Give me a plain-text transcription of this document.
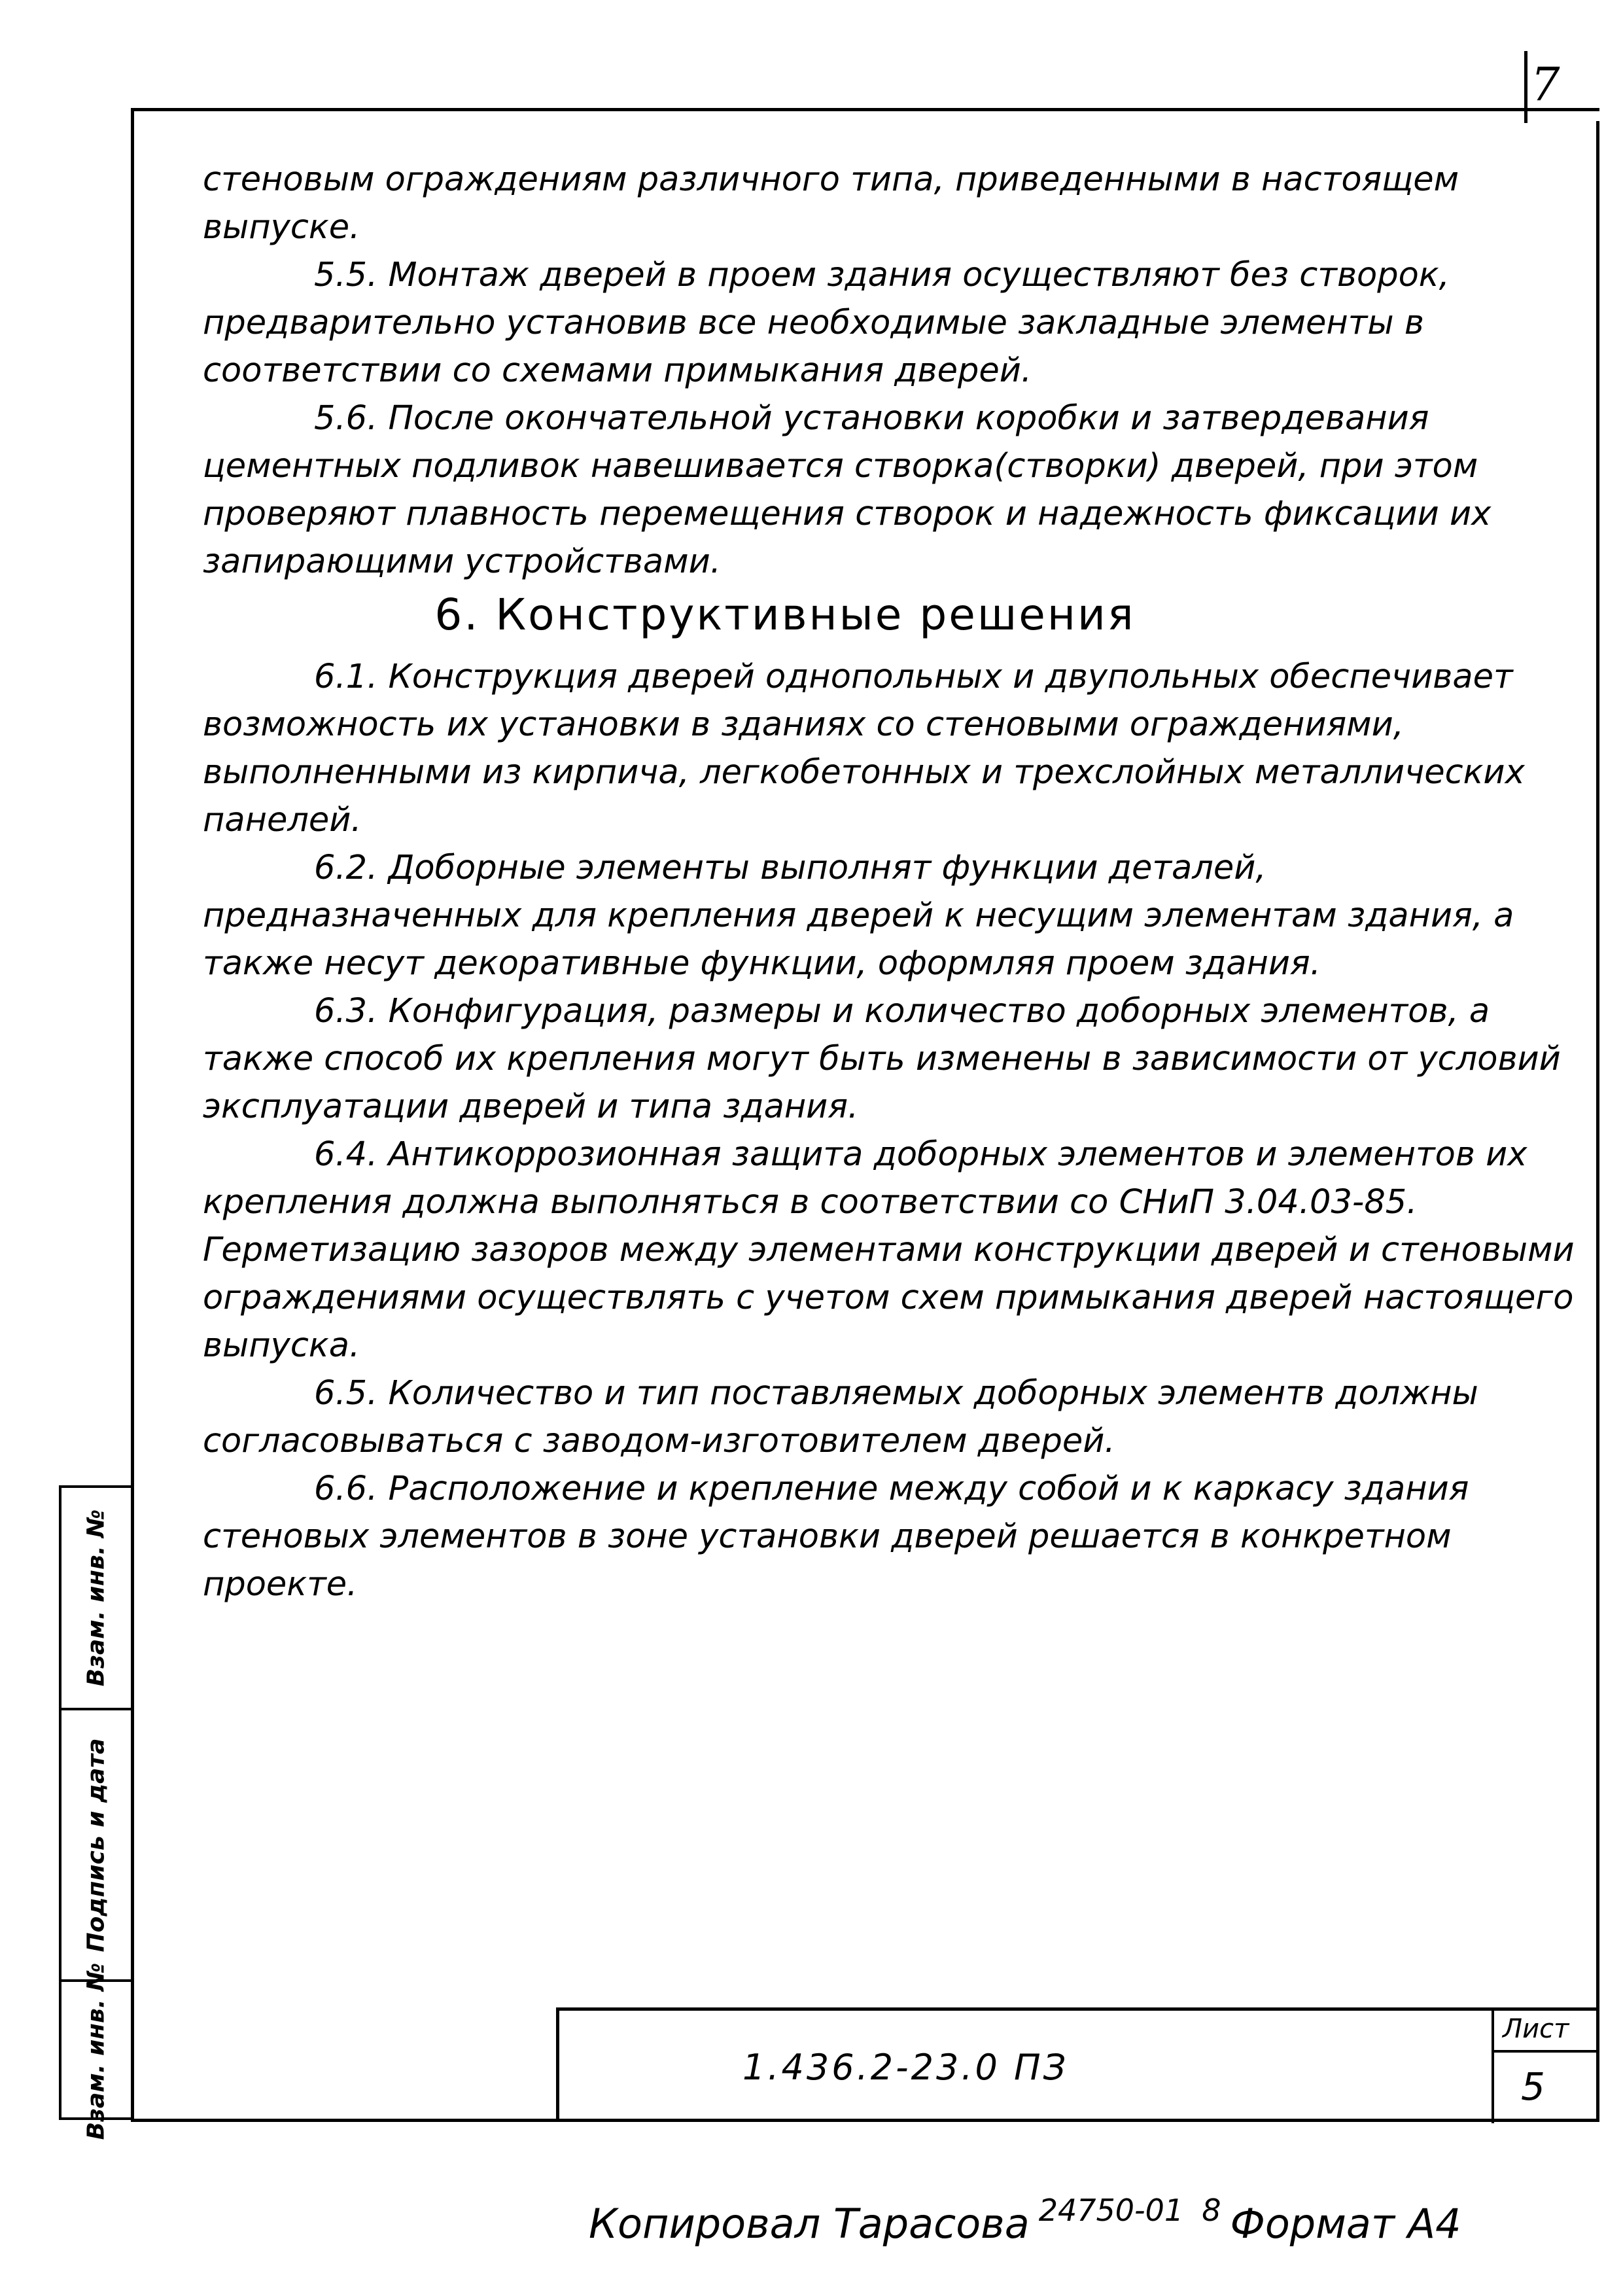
7
Взам. инв. №
Подпись и дата
Взам. инв. №

стеновым ограждениям различного типа, приведенными в настоящем выпуске.

5.5. Монтаж дверей в проем здания осуществляют без створок, предварительно установив все необходимые закладные элементы в соответствии со схемами примыкания дверей.

5.6. После окончательной установки коробки и затвердевания цементных подливок навешивается створка(створки) дверей, при этом проверяют плавность перемещения створок и надежность фиксации их запирающими устройствами.

6. Конструктивные решения

6.1. Конструкция дверей однопольных и двупольных обеспечивает возможность их установки в зданиях со стеновыми ограждениями, выполненными из кирпича, легкобетонных и трехслойных металлических панелей.

6.2. Доборные элементы выполнят функции деталей, предназначенных для крепления дверей к несущим элементам здания, а также несут декоративные функции, оформляя проем здания.

6.3. Конфигурация, размеры и количество доборных элементов, а также способ их крепления могут быть изменены в зависимости от условий эксплуатации дверей и типа здания.

6.4. Антикоррозионная защита доборных элементов и элементов их крепления должна выполняться в соответствии со СНиП 3.04.03-85. Герметизацию зазоров между элементами конструкции дверей и стеновыми ограждениями осуществлять с учетом схем примыкания дверей настоящего выпуска.

6.5. Количество и тип поставляемых доборных элементв должны согласовываться с заводом-изготовителем дверей.

6.6. Расположение и крепление между собой и к каркасу здания стеновых элементов в зоне установки дверей решается в конкретном проекте.

1.436.2-23.0 ПЗ
Лист
5
Копировал Тарасова $^{24750-01}$ $^8$ Формат А4
